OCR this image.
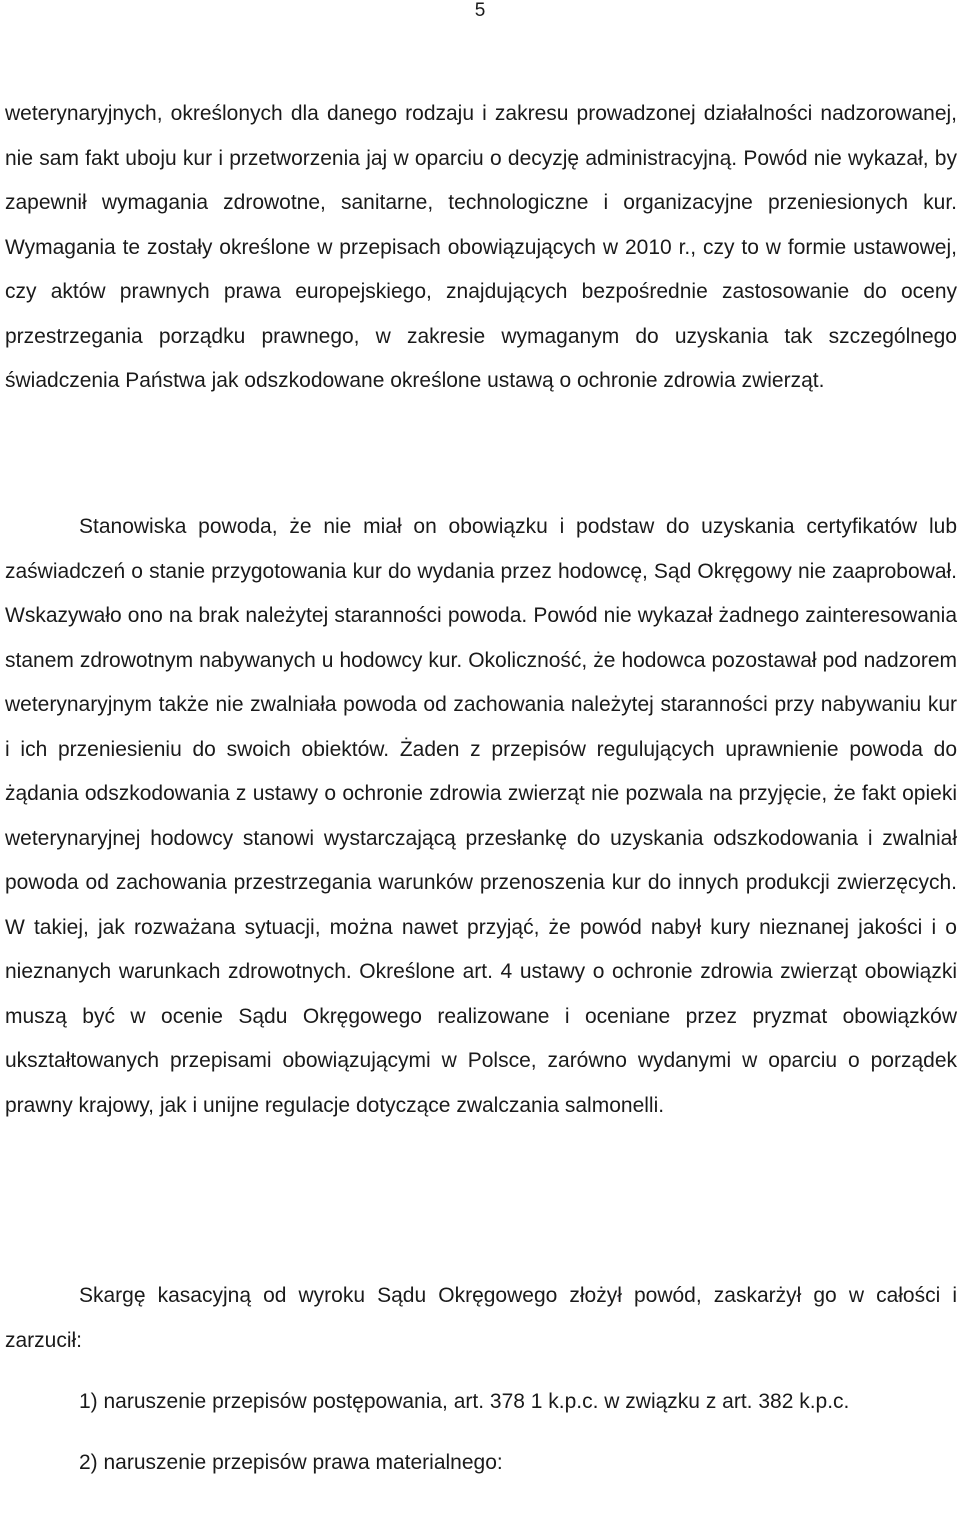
5

weterynaryjnych, określonych dla danego rodzaju i zakresu prowadzonej działalności nadzorowanej, nie sam fakt uboju kur i przetworzenia jaj w oparciu o decyzję administracyjną. Powód nie wykazał, by zapewnił wymagania zdrowotne, sanitarne, technologiczne i organizacyjne przeniesionych kur. Wymagania te zostały określone w przepisach obowiązujących w 2010 r., czy to w formie ustawowej, czy aktów prawnych prawa europejskiego, znajdujących bezpośrednie zastosowanie do oceny przestrzegania porządku prawnego, w zakresie wymaganym do uzyskania tak szczególnego świadczenia Państwa jak odszkodowane określone ustawą o ochronie zdrowia zwierząt.

Stanowiska powoda, że nie miał on obowiązku i podstaw do uzyskania certyfikatów lub zaświadczeń o stanie przygotowania kur do wydania przez hodowcę, Sąd Okręgowy nie zaaprobował. Wskazywało ono na brak należytej staranności powoda. Powód nie wykazał żadnego zainteresowania stanem zdrowotnym nabywanych u hodowcy kur. Okoliczność, że hodowca pozostawał pod nadzorem weterynaryjnym także nie zwalniała powoda od zachowania należytej staranności przy nabywaniu kur i ich przeniesieniu do swoich obiektów. Żaden z przepisów regulujących uprawnienie powoda do żądania odszkodowania z ustawy o ochronie zdrowia zwierząt nie pozwala na przyjęcie, że fakt opieki weterynaryjnej hodowcy stanowi wystarczającą przesłankę do uzyskania odszkodowania i zwalniał powoda od zachowania przestrzegania warunków przenoszenia kur do innych produkcji zwierzęcych. W takiej, jak rozważana sytuacji, można nawet przyjąć, że powód nabył kury nieznanej jakości i o nieznanych warunkach zdrowotnych. Określone art. 4 ustawy o ochronie zdrowia zwierząt obowiązki muszą być w ocenie Sądu Okręgowego realizowane i oceniane przez pryzmat obowiązków ukształtowanych przepisami obowiązującymi w Polsce, zarówno wydanymi w oparciu o porządek prawny krajowy, jak i unijne regulacje dotyczące zwalczania salmonelli.

Skargę kasacyjną od wyroku Sądu Okręgowego złożył powód, zaskarżył go w całości i zarzucił:

1) naruszenie przepisów postępowania, art. 378 1 k.p.c. w związku z art. 382 k.p.c.

2) naruszenie przepisów prawa materialnego:
